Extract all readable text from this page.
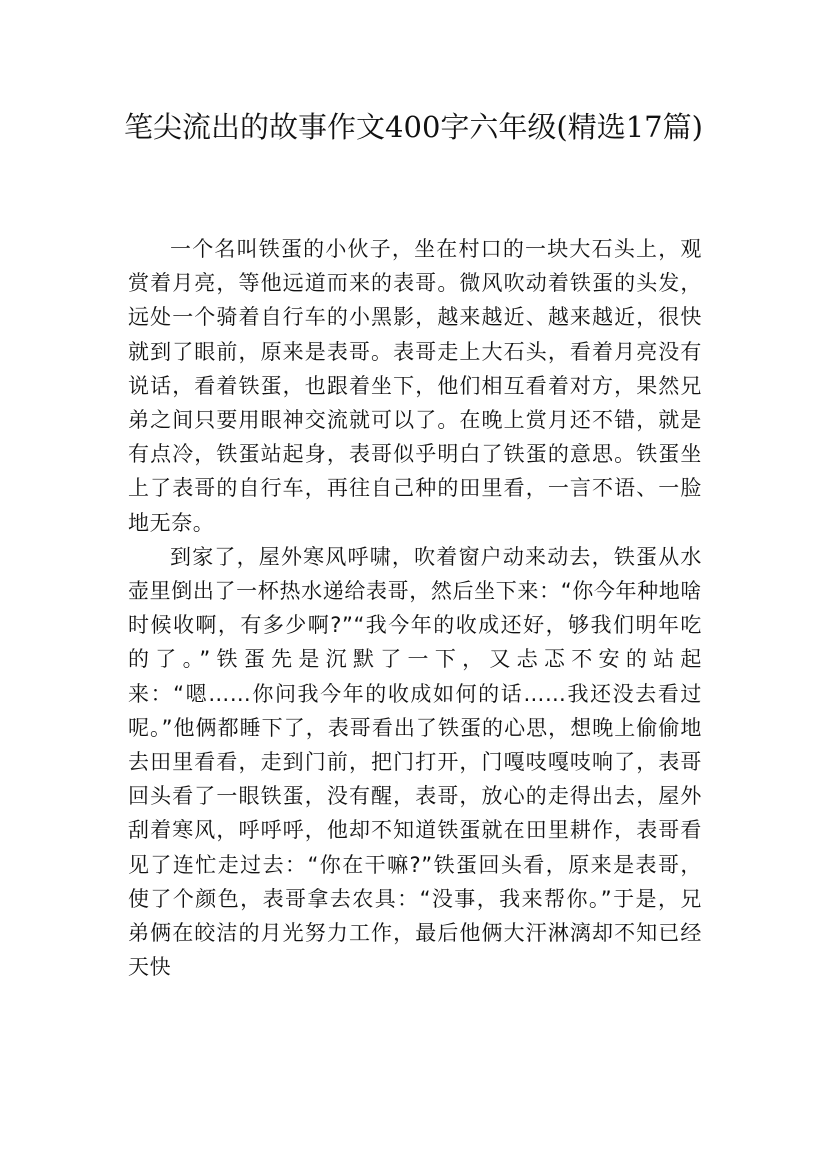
笔尖流出的故事作文400字六年级(精选17篇)

一个名叫铁蛋的小伙子，坐在村口的一块大石头上，观赏着月亮，等他远道而来的表哥。微风吹动着铁蛋的头发，远处一个骑着自行车的小黑影，越来越近、越来越近，很快就到了眼前，原来是表哥。表哥走上大石头，看着月亮没有说话，看着铁蛋，也跟着坐下，他们相互看着对方，果然兄弟之间只要用眼神交流就可以了。在晚上赏月还不错，就是有点冷，铁蛋站起身，表哥似乎明白了铁蛋的意思。铁蛋坐上了表哥的自行车，再往自己种的田里看，一言不语、一脸地无奈。

到家了，屋外寒风呼啸，吹着窗户动来动去，铁蛋从水壶里倒出了一杯热水递给表哥，然后坐下来：“你今年种地啥时候收啊，有多少啊?”“我今年的收成还好，够我们明年吃的了。”铁蛋先是沉默了一下，又忐忑不安的站起来：“嗯……你问我今年的收成如何的话……我还没去看过呢。”他俩都睡下了，表哥看出了铁蛋的心思，想晚上偷偷地去田里看看，走到门前，把门打开，门嘎吱嘎吱响了，表哥回头看了一眼铁蛋，没有醒，表哥，放心的走得出去，屋外刮着寒风，呼呼呼，他却不知道铁蛋就在田里耕作，表哥看见了连忙走过去：“你在干嘛?”铁蛋回头看，原来是表哥，使了个颜色，表哥拿去农具：“没事，我来帮你。”于是，兄弟俩在皎洁的月光努力工作，最后他俩大汗淋漓却不知已经天快
